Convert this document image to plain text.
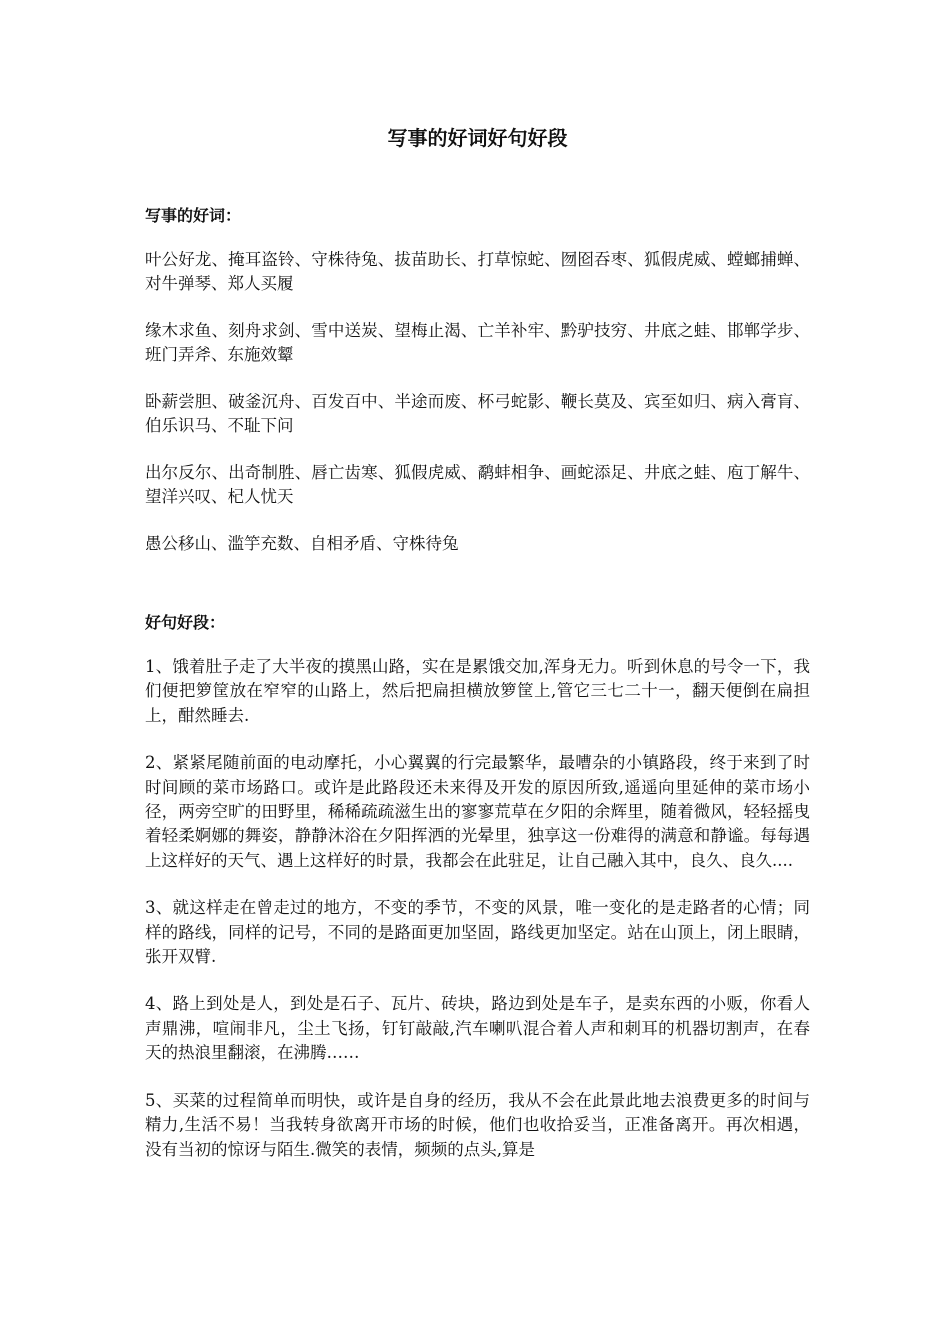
写事的好词好句好段
写事的好词：

叶公好龙、掩耳盗铃、守株待兔、拔苗助长、打草惊蛇、囫囵吞枣、狐假虎威、螳螂捕蝉、对牛弹琴、郑人买履

缘木求鱼、刻舟求剑、雪中送炭、望梅止渴、亡羊补牢、黔驴技穷、井底之蛙、邯郸学步、班门弄斧、东施效颦

卧薪尝胆、破釜沉舟、百发百中、半途而废、杯弓蛇影、鞭长莫及、宾至如归、病入膏肓、伯乐识马、不耻下问

出尔反尔、出奇制胜、唇亡齿寒、狐假虎威、鹬蚌相争、画蛇添足、井底之蛙、庖丁解牛、望洋兴叹、杞人忧天

愚公移山、滥竽充数、自相矛盾、守株待兔

好句好段：

1、饿着肚子走了大半夜的摸黑山路，实在是累饿交加,浑身无力。听到休息的号令一下，我们便把箩筐放在窄窄的山路上，然后把扁担横放箩筐上,管它三七二十一，翻天便倒在扁担上，酣然睡去.

2、紧紧尾随前面的电动摩托，小心翼翼的行完最繁华，最嘈杂的小镇路段，终于来到了时时间顾的菜市场路口。或许是此路段还未来得及开发的原因所致,遥遥向里延伸的菜市场小径，两旁空旷的田野里，稀稀疏疏滋生出的寥寥荒草在夕阳的余辉里，随着微风，轻轻摇曳着轻柔婀娜的舞姿，静静沐浴在夕阳挥洒的光晕里，独享这一份难得的满意和静谧。每每遇上这样好的天气、遇上这样好的时景，我都会在此驻足，让自己融入其中，良久、良久....

3、就这样走在曾走过的地方，不变的季节，不变的风景，唯一变化的是走路者的心情；同样的路线，同样的记号，不同的是路面更加坚固，路线更加坚定。站在山顶上，闭上眼睛，张开双臂.

4、路上到处是人，到处是石子、瓦片、砖块，路边到处是车子，是卖东西的小贩，你看人声鼎沸，喧闹非凡，尘土飞扬，钉钉敲敲,汽车喇叭混合着人声和刺耳的机器切割声，在春天的热浪里翻滚，在沸腾……

5、买菜的过程简单而明快，或许是自身的经历，我从不会在此景此地去浪费更多的时间与精力,生活不易！当我转身欲离开市场的时候，他们也收拾妥当，正准备离开。再次相遇，没有当初的惊讶与陌生.微笑的表情，频频的点头,算是
